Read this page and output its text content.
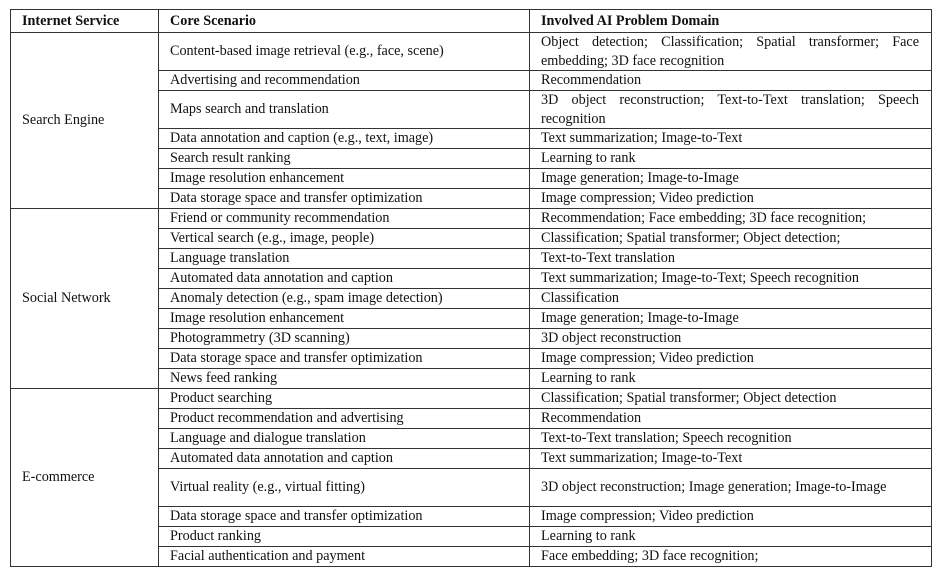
Internet Service	Core Scenario	Involved AI Problem Domain
Search Engine	Content-based image retrieval (e.g., face, scene)	Object detection; Classification; Spatial transformer; Face embedding; 3D face recognition
	Advertising and recommendation	Recommendation
	Maps search and translation	3D object reconstruction; Text-to-Text translation; Speech recognition
	Data annotation and caption (e.g., text, image)	Text summarization; Image-to-Text
	Search result ranking	Learning to rank
	Image resolution enhancement	Image generation; Image-to-Image
	Data storage space and transfer optimization	Image compression; Video prediction
Social Network	Friend or community recommendation	Recommendation; Face embedding; 3D face recognition;
	Vertical search (e.g., image, people)	Classification; Spatial transformer; Object detection;
	Language translation	Text-to-Text translation
	Automated data annotation and caption	Text summarization; Image-to-Text; Speech recognition
	Anomaly detection (e.g., spam image detection)	Classification
	Image resolution enhancement	Image generation; Image-to-Image
	Photogrammetry (3D scanning)	3D object reconstruction
	Data storage space and transfer optimization	Image compression; Video prediction
	News feed ranking	Learning to rank
E-commerce	Product searching	Classification; Spatial transformer; Object detection
	Product recommendation and advertising	Recommendation
	Language and dialogue translation	Text-to-Text translation; Speech recognition
	Automated data annotation and caption	Text summarization; Image-to-Text
	Virtual reality (e.g., virtual fitting)	3D object reconstruction; Image generation; Image-to-Image
	Data storage space and transfer optimization	Image compression; Video prediction
	Product ranking	Learning to rank
	Facial authentication and payment	Face embedding; 3D face recognition;
